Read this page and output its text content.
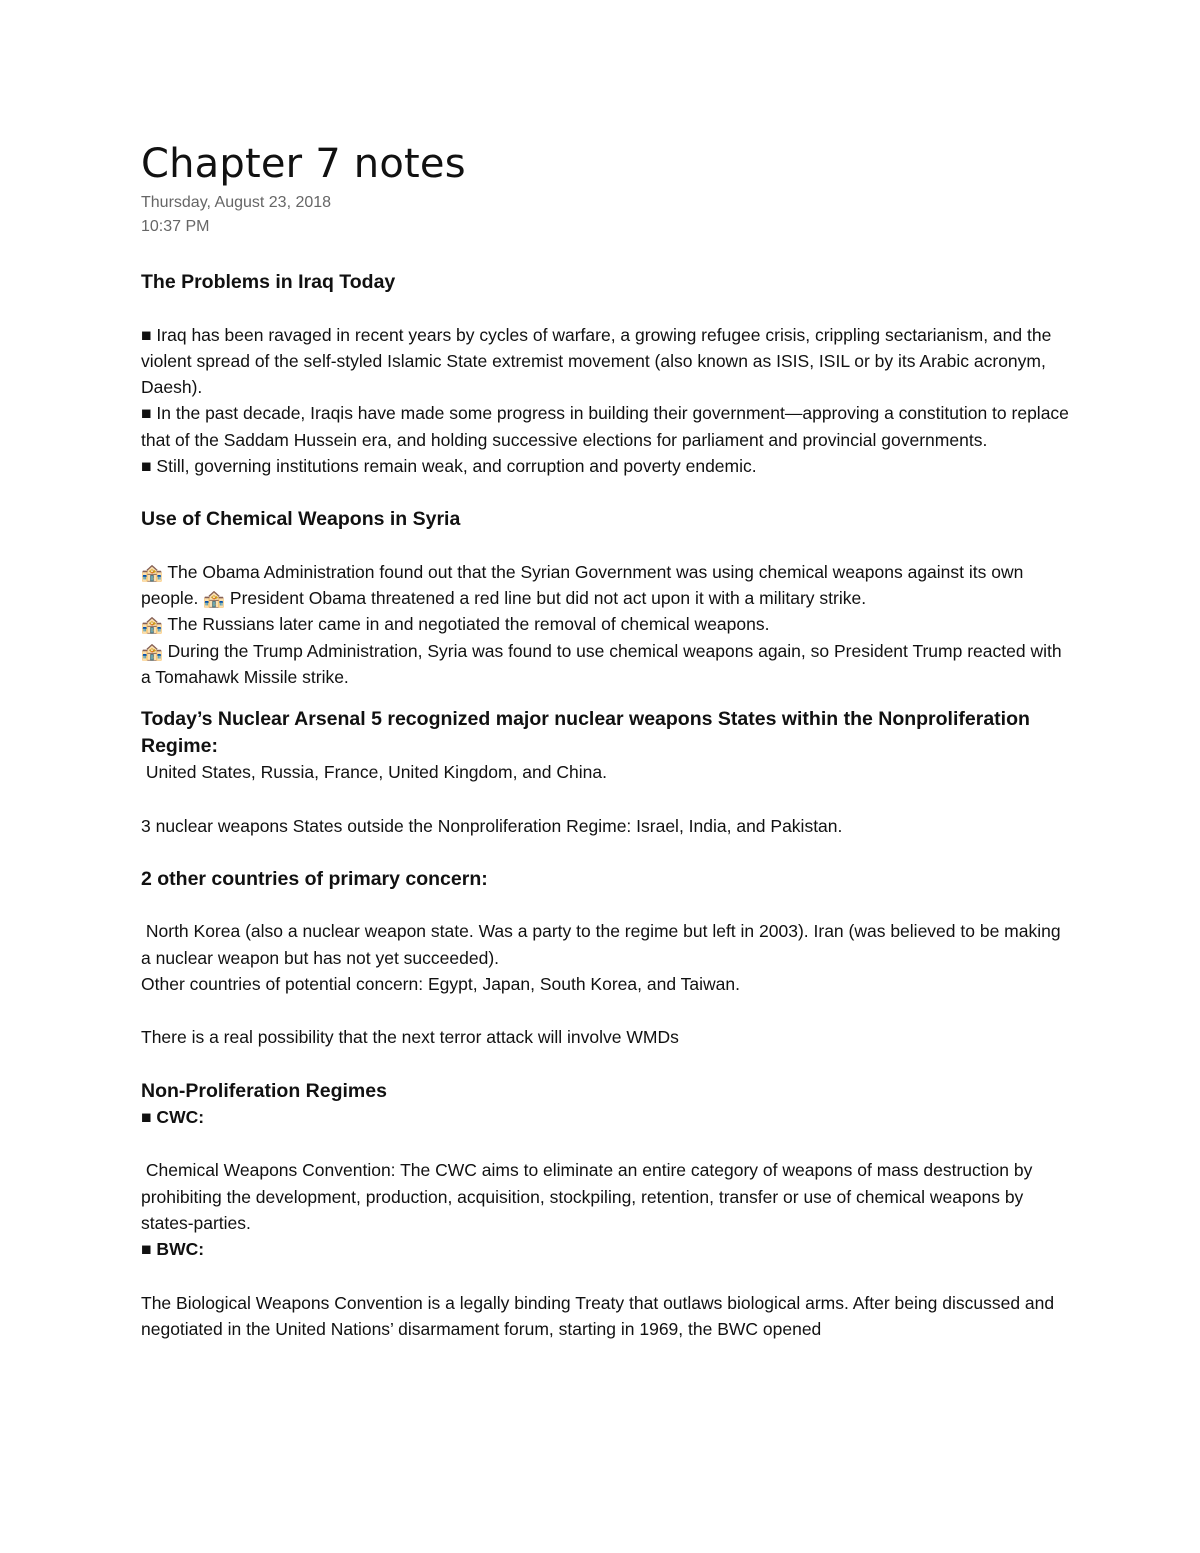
Chapter 7 notes
Thursday, August 23, 2018
10:37 PM
The Problems in Iraq Today
■ Iraq has been ravaged in recent years by cycles of warfare, a growing refugee crisis, crippling sectarianism, and the violent spread of the self-styled Islamic State extremist movement (also known as ISIS, ISIL or by its Arabic acronym, Daesh).
■ In the past decade, Iraqis have made some progress in building their government—approving a constitution to replace that of the Saddam Hussein era, and holding successive elections for parliament and provincial governments.
■ Still, governing institutions remain weak, and corruption and poverty endemic.
Use of Chemical Weapons in Syria
🏤 The Obama Administration found out that the Syrian Government was using chemical weapons against its own people. 🏤 President Obama threatened a red line but did not act upon it with a military strike.
🏤 The Russians later came in and negotiated the removal of chemical weapons.
🏤 During the Trump Administration, Syria was found to use chemical weapons again, so President Trump reacted with a Tomahawk Missile strike.
Today’s Nuclear Arsenal 5 recognized major nuclear weapons States within the Nonproliferation Regime:
United States, Russia, France, United Kingdom, and China.
3 nuclear weapons States outside the Nonproliferation Regime: Israel, India, and Pakistan.
2 other countries of primary concern:
North Korea (also a nuclear weapon state. Was a party to the regime but left in 2003). Iran (was believed to be making a nuclear weapon but has not yet succeeded).
Other countries of potential concern: Egypt, Japan, South Korea, and Taiwan.
There is a real possibility that the next terror attack will involve WMDs
Non-Proliferation Regimes
■ CWC:
Chemical Weapons Convention: The CWC aims to eliminate an entire category of weapons of mass destruction by prohibiting the development, production, acquisition, stockpiling, retention, transfer or use of chemical weapons by states-parties.
■ BWC:
The Biological Weapons Convention is a legally binding Treaty that outlaws biological arms. After being discussed and negotiated in the United Nations’ disarmament forum, starting in 1969, the BWC opened
